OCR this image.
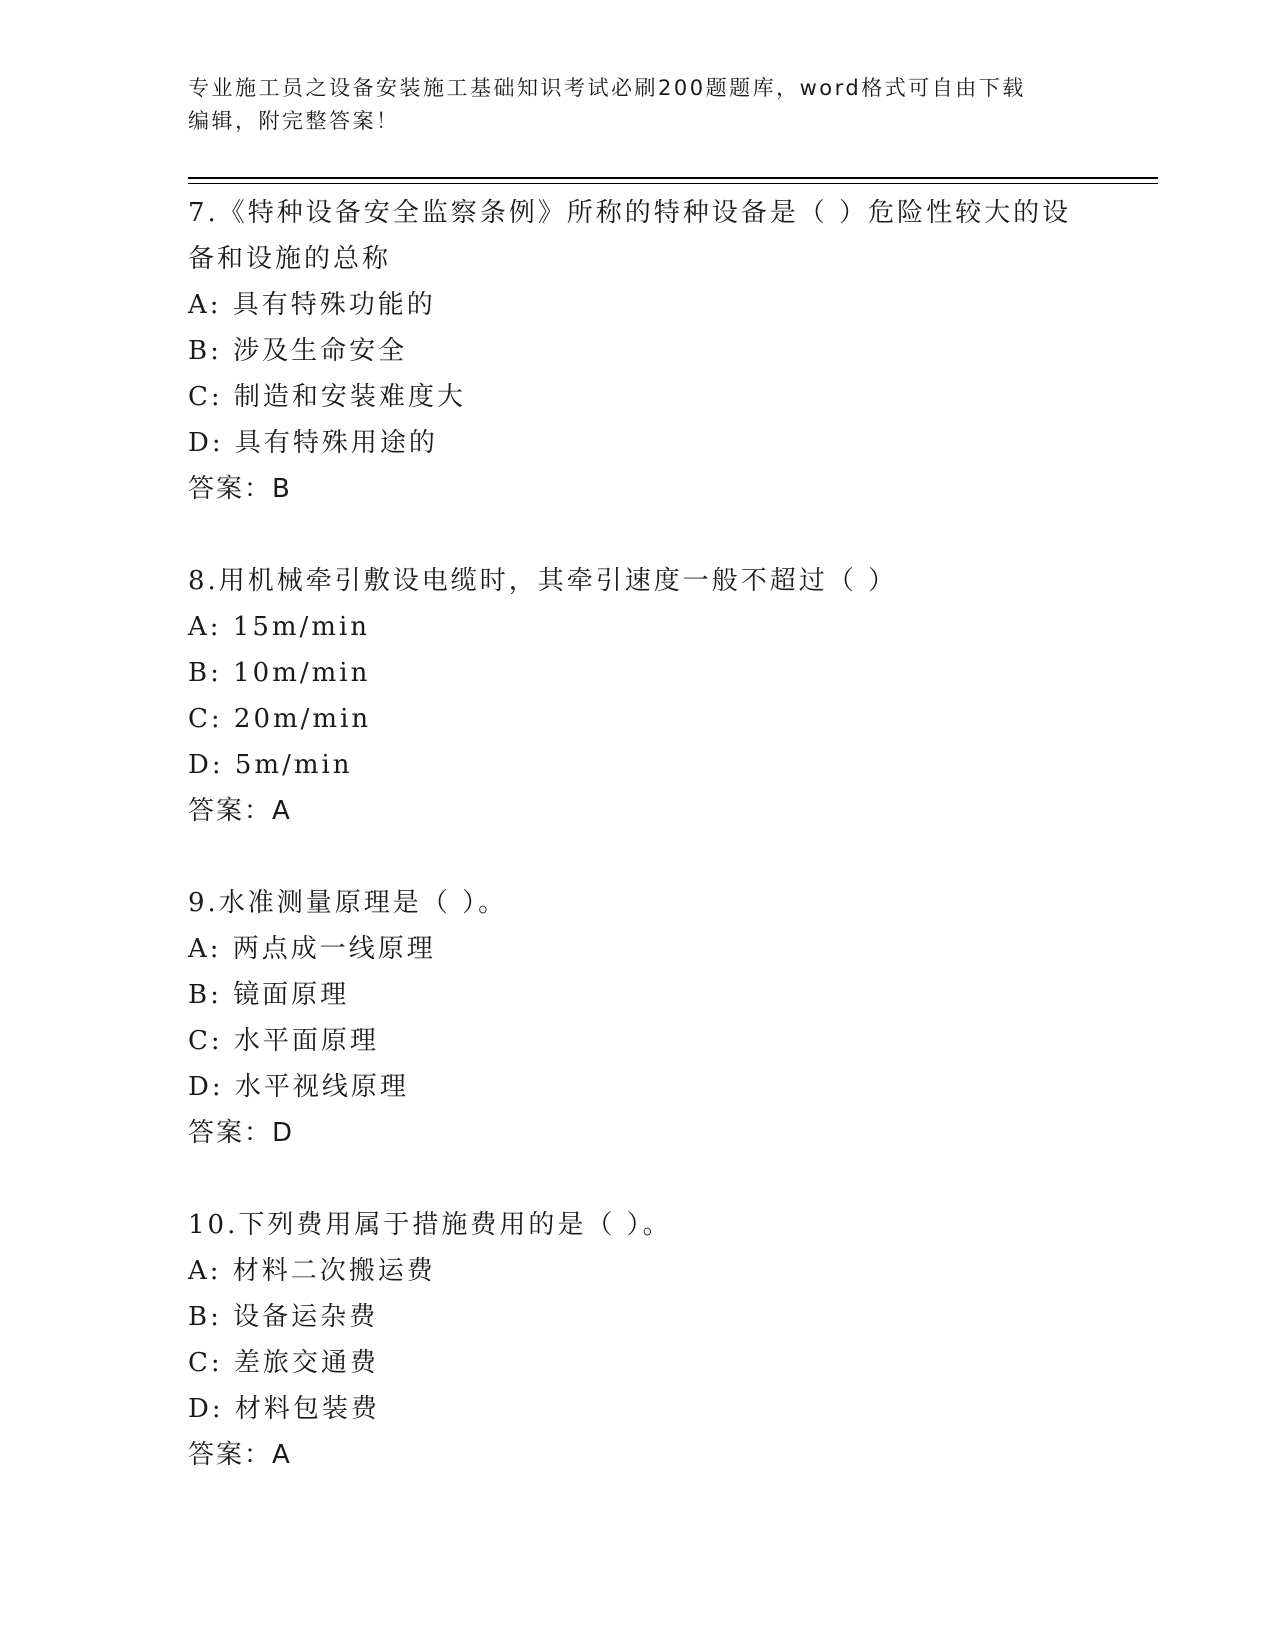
专业施工员之设备安装施工基础知识考试必刷200题题库，word格式可自由下载
编辑，附完整答案！

7.《特种设备安全监察条例》所称的特种设备是（ ）危险性较大的设
备和设施的总称

A: 具有特殊功能的

B: 涉及生命安全

C: 制造和安装难度大

D: 具有特殊用途的

答案：B

8.用机械牵引敷设电缆时，其牵引速度一般不超过（ ）

A: 15m/min

B: 10m/min

C: 20m/min

D: 5m/min

答案：A

9.水准测量原理是（ ）。

A: 两点成一线原理

B: 镜面原理

C: 水平面原理

D: 水平视线原理

答案：D

10.下列费用属于措施费用的是（ ）。

A: 材料二次搬运费

B: 设备运杂费

C: 差旅交通费

D: 材料包装费

答案：A
